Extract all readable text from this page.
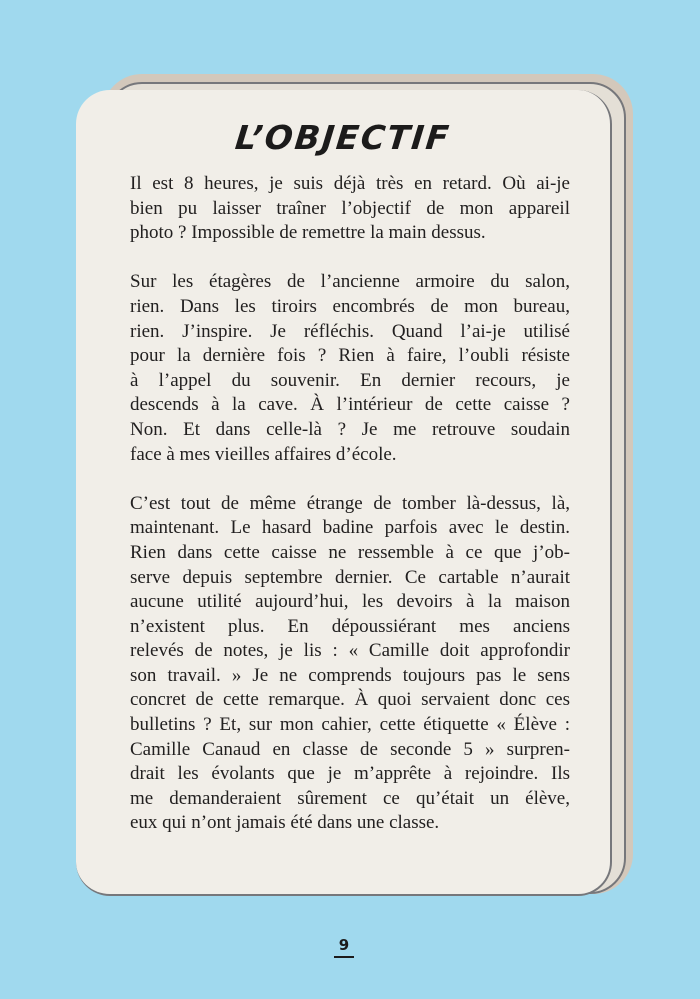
L’OBJECTIF
Il est 8 heures, je suis déjà très en retard. Où ai-je
bien pu laisser traîner l’objectif de mon appareil
photo ? Impossible de remettre la main dessus.
Sur les étagères de l’ancienne armoire du salon,
rien. Dans les tiroirs encombrés de mon bureau,
rien. J’inspire. Je réfléchis. Quand l’ai-je utilisé
pour la dernière fois ? Rien à faire, l’oubli résiste
à l’appel du souvenir. En dernier recours, je
descends à la cave. À l’intérieur de cette caisse ?
Non. Et dans celle-là ? Je me retrouve soudain
face à mes vieilles affaires d’école.
C’est tout de même étrange de tomber là-dessus, là,
maintenant. Le hasard badine parfois avec le destin.
Rien dans cette caisse ne ressemble à ce que j’ob-
serve depuis septembre dernier. Ce cartable n’aurait
aucune utilité aujourd’hui, les devoirs à la maison
n’existent plus. En dépoussiérant mes anciens
relevés de notes, je lis : « Camille doit approfondir
son travail. » Je ne comprends toujours pas le sens
concret de cette remarque. À quoi servaient donc ces
bulletins ? Et, sur mon cahier, cette étiquette « Élève :
Camille Canaud en classe de seconde 5 » surpren-
drait les évolants que je m’apprête à rejoindre. Ils
me demanderaient sûrement ce qu’était un élève,
eux qui n’ont jamais été dans une classe.
9
